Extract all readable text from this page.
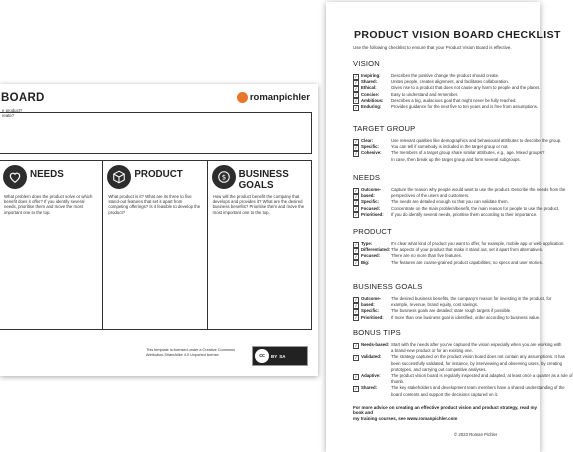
BOARD	romanpichler
e product?
reate?
NEEDS
What problem does the product solve or which benefit does it offer? If you identify several needs, prioritise them and move the most important one to the top.
PRODUCT
What product is it? What are its three to five stand-out features that set it apart from competing offerings? Is it feasible to develop the product?
$ BUSINESS GOALS
How will the product benefit the company that develops and provides it? What are the desired business benefits? Prioritise them and move the most important one to the top.
This template is licensed under a Creative Commons Attribution-ShareAlike 4.0 Unported license.	cc	BY SA
PRODUCT VISION BOARD CHECKLIST
Use the following checklist to ensure that your Product Vision Board is effective.
VISION
✓ Inspiring: Describes the positive change the product should create.
✓ Shared:	Unites people, creates alignment, and facilitates collaboration.
✓ Ethical:	Gives rise to a product that does not cause any harm to people and the planet.
✓ Concise:	Easy to understand and remember.
✓ Ambitious: Describes a big, audacious goal that might never be fully reached.
✓ Enduring: Provides guidance for the next five to ten years and is free from assumptions.
TARGET GROUP
✓ Clear:	Use relevant qualities like demographics and behavioural attributes to describe the group.
✓ Specific:	You can tell if somebody is included in the target group or not.
✓ Cohesive: The members of a target group share similar attributes, e.g., age. Mixed groups?
In case, then break up the target group and form several subgroups.
NEEDS
✓ Outcome- Capture the reason why people would want to use the product. Describe the needs from the
✓ based:	perspectives of the users and customers.
✓ Specific:	The needs are detailed enough so that you can validate them.
✓ Focused:	Concentrate on the main problem/benefit, the main reason for people to use the product.
✓ Prioritised: If you do identify several needs, prioritise them according to their importance.
PRODUCT
✓ Type:	It's clear what kind of product you want to offer, for example, mobile app or web application.
✓ Differentiated: The aspects of your product that make it stand out, set it apart from alternatives.
✓ Focused:	There are no more than five features.
✓ Big:	The features are coarse-grained product capabilities; no specs and user stories.
BUSINESS GOALS
✓ Outcome- The desired business benefits, the company's reason for investing in the product, for
✓ based:	example, revenue, brand equity, cost savings.
✓ Specific:	The business goals are detailed; state rough targets if possible.
✓ Prioritised: If more than one business goal is identified, order according to business value.
BONUS TIPS
✓ Needs-based: Start with the needs after you've captured the vision especially when you are working with
a brand-new product or for an existing one.
✓ Validated: The strategy captured on the product vision board does not contain any assumptions. It has
been successfully validated, for instance, by interviewing and observing users, by creating
prototypes, and carrying out competitive analyses.
✓ Adaptive: The product vision board is regularly inspected and adapted, at least once a quarter as a rule of
thumb.
✓ Shared:	The key stakeholders and development team members have a shared understanding of the
board contents and support the decisions captured on it.
For more advice on creating an effective product vision and product strategy, read my book and
my training courses, see www.romanpichler.com
© 2023 Roman Pichler
